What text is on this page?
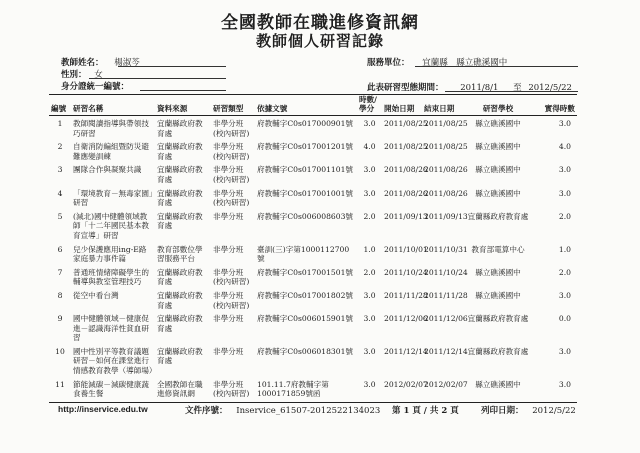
全國教師在職進修資訊網
教師個人研習記錄
教師姓名： 楊淑芩
性別： 女
身分證統一編號：
服務單位： 宜蘭縣　縣立礁溪國中
此表研習型態期間： 2011/8/1 至 2012/5/22
編號	研習名稱	資料來源	研習類型	依據文號	時數/學分	開始日期	結束日期	研習學校	實得時數
1	教師閱讀指導與帶領技巧研習	宜蘭縣政府教育處	非學分班(校內研習)	府教輔字C0s017000901號	3.0	2011/08/25	2011/08/25	縣立礁溪國中	3.0
2	自衛消防編組暨防災避難應變訓練	宜蘭縣政府教育處	非學分班(校內研習)	府教輔字C0s017001201號	4.0	2011/08/25	2011/08/25	縣立礁溪國中	4.0
3	團隊合作與凝聚共識	宜蘭縣政府教育處	非學分班(校內研習)	府教輔字C0s017001101號	3.0	2011/08/26	2011/08/26	縣立礁溪國中	3.0
4	「環境教育－無毒家園」研習	宜蘭縣政府教育處	非學分班(校內研習)	府教輔字C0s017001001號	3.0	2011/08/26	2011/08/26	縣立礁溪國中	3.0
5	(減北)國中健體領域教師「十二年國民基本教育宣導」研習	宜蘭縣政府教育處	非學分班	府教輔字C0s006008603號	2.0	2011/09/13	2011/09/13	宜蘭縣政府教育處	2.0
6	兒少保護應用ing-E路家庭暴力事件篇	教育部數位學習服務平台	非學分班	臺訓(三)字第1000112700號	1.0	2011/10/01	2011/10/31	教育部電算中心	1.0
7	普通班情緒障礙學生的輔導與教室管理技巧	宜蘭縣政府教育處	非學分班(校內研習)	府教輔字C0s017001501號	2.0	2011/10/24	2011/10/24	縣立礁溪國中	2.0
8	從空中看台灣	宜蘭縣政府教育處	非學分班(校內研習)	府教輔字C0s017001802號	3.0	2011/11/28	2011/11/28	縣立礁溪國中	3.0
9	國中健體領域－健康促進－認識海洋性貧血研習	宜蘭縣政府教育處	非學分班	府教輔字C0s006015901號	3.0	2011/12/06	2011/12/06	宜蘭縣政府教育處	0.0
10	國中性別平等教育議題研習－如何在課堂進行情感教育教學（導師場）	宜蘭縣政府教育處	非學分班	府教輔字C0s006018301號	3.0	2011/12/14	2011/12/14	宜蘭縣政府教育處	3.0
11	節能減碳－減碳健康蔬食養生餐	全國教師在職進修資訊網	非學分班(校內研習)	101.11.7府教輔字第1000171859號函	3.0	2012/02/07	2012/02/07	縣立礁溪國中	3.0
http://inservice.edu.tw	文件序號： Inservice_61507-2012522134023 第 1 頁 / 共 2 頁	列印日期： 2012/5/22
